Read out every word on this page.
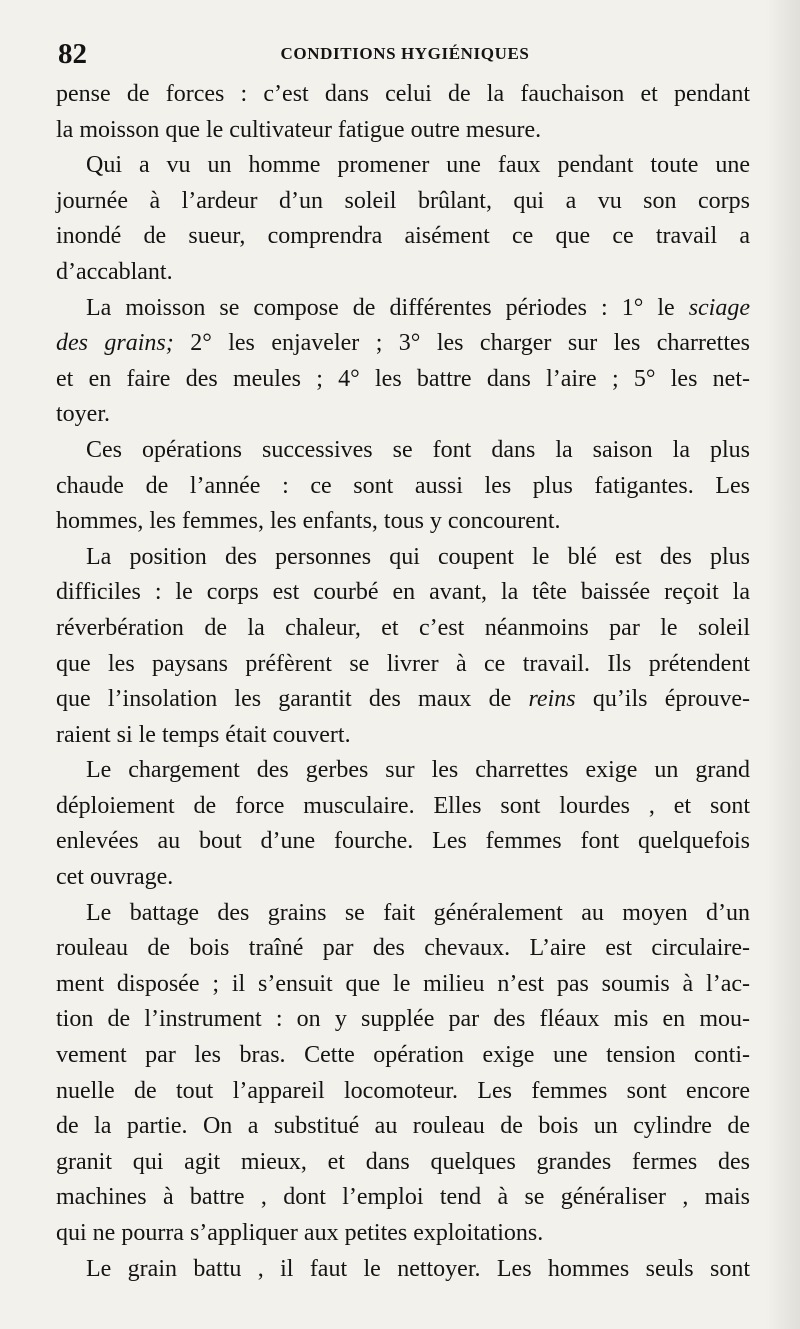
82	CONDITIONS HYGIÉNIQUES
pense de forces : c’est dans celui de la fauchaison et pendant
la moisson que le cultivateur fatigue outre mesure.
Qui a vu un homme promener une faux pendant toute une
journée à l’ardeur d’un soleil brûlant, qui a vu son corps
inondé de sueur, comprendra aisément ce que ce travail a
d’accablant.
La moisson se compose de différentes périodes : 1° le sciage
des grains; 2° les enjaveler ; 3° les charger sur les charrettes
et en faire des meules ; 4° les battre dans l’aire ; 5° les net-
toyer.
Ces opérations successives se font dans la saison la plus
chaude de l’année : ce sont aussi les plus fatigantes. Les
hommes, les femmes, les enfants, tous y concourent.
La position des personnes qui coupent le blé est des plus
difficiles : le corps est courbé en avant, la tête baissée reçoit la
réverbération de la chaleur, et c’est néanmoins par le soleil
que les paysans préfèrent se livrer à ce travail. Ils prétendent
que l’insolation les garantit des maux de reins qu’ils éprouve-
raient si le temps était couvert.
Le chargement des gerbes sur les charrettes exige un grand
déploiement de force musculaire. Elles sont lourdes , et sont
enlevées au bout d’une fourche. Les femmes font quelquefois
cet ouvrage.
Le battage des grains se fait généralement au moyen d’un
rouleau de bois traîné par des chevaux. L’aire est circulaire-
ment disposée ; il s’ensuit que le milieu n’est pas soumis à l’ac-
tion de l’instrument : on y supplée par des fléaux mis en mou-
vement par les bras. Cette opération exige une tension conti-
nuelle de tout l’appareil locomoteur. Les femmes sont encore
de la partie. On a substitué au rouleau de bois un cylindre de
granit qui agit mieux, et dans quelques grandes fermes des
machines à battre , dont l’emploi tend à se généraliser , mais
qui ne pourra s’appliquer aux petites exploitations.
Le grain battu , il faut le nettoyer. Les hommes seuls sont
